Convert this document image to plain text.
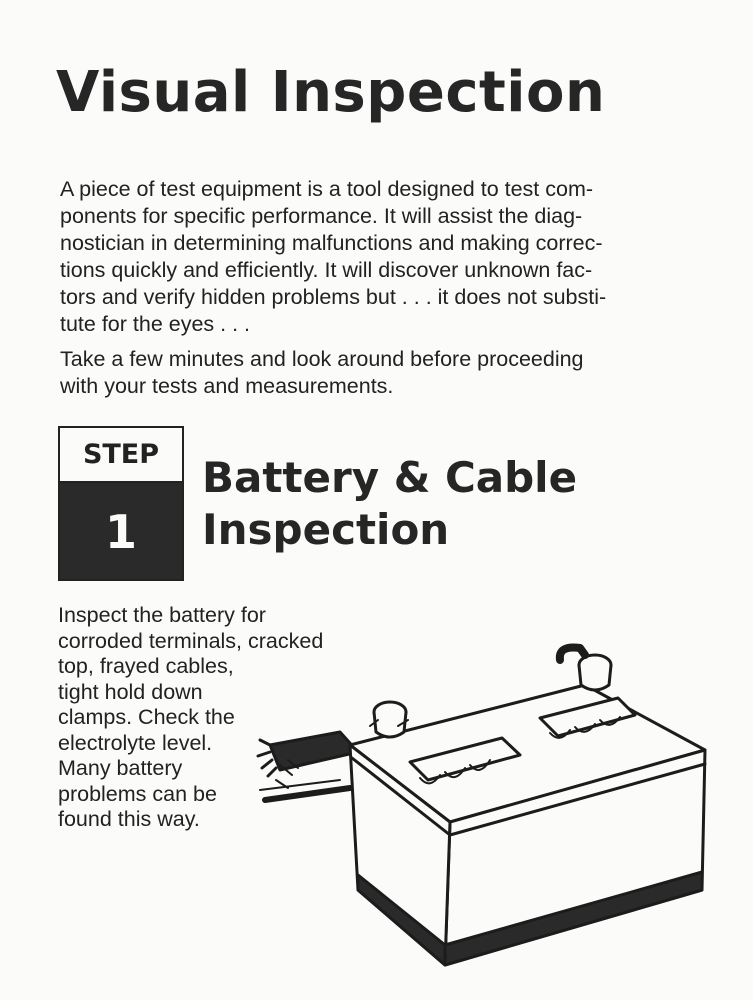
Visual Inspection

A piece of test equipment is a tool designed to test com-
ponents for specific performance. It will assist the diag-
nostician in determining malfunctions and making correc-
tions quickly and efficiently. It will discover unknown fac-
tors and verify hidden problems but . . . it does not substi-
tute for the eyes . . .

Take a few minutes and look around before proceeding
with your tests and measurements.

STEP
1
Battery & Cable
Inspection

Inspect the battery for
corroded terminals, cracked
top, frayed cables,
tight hold down
clamps. Check the
electrolyte level.
Many battery
problems can be
found this way.
